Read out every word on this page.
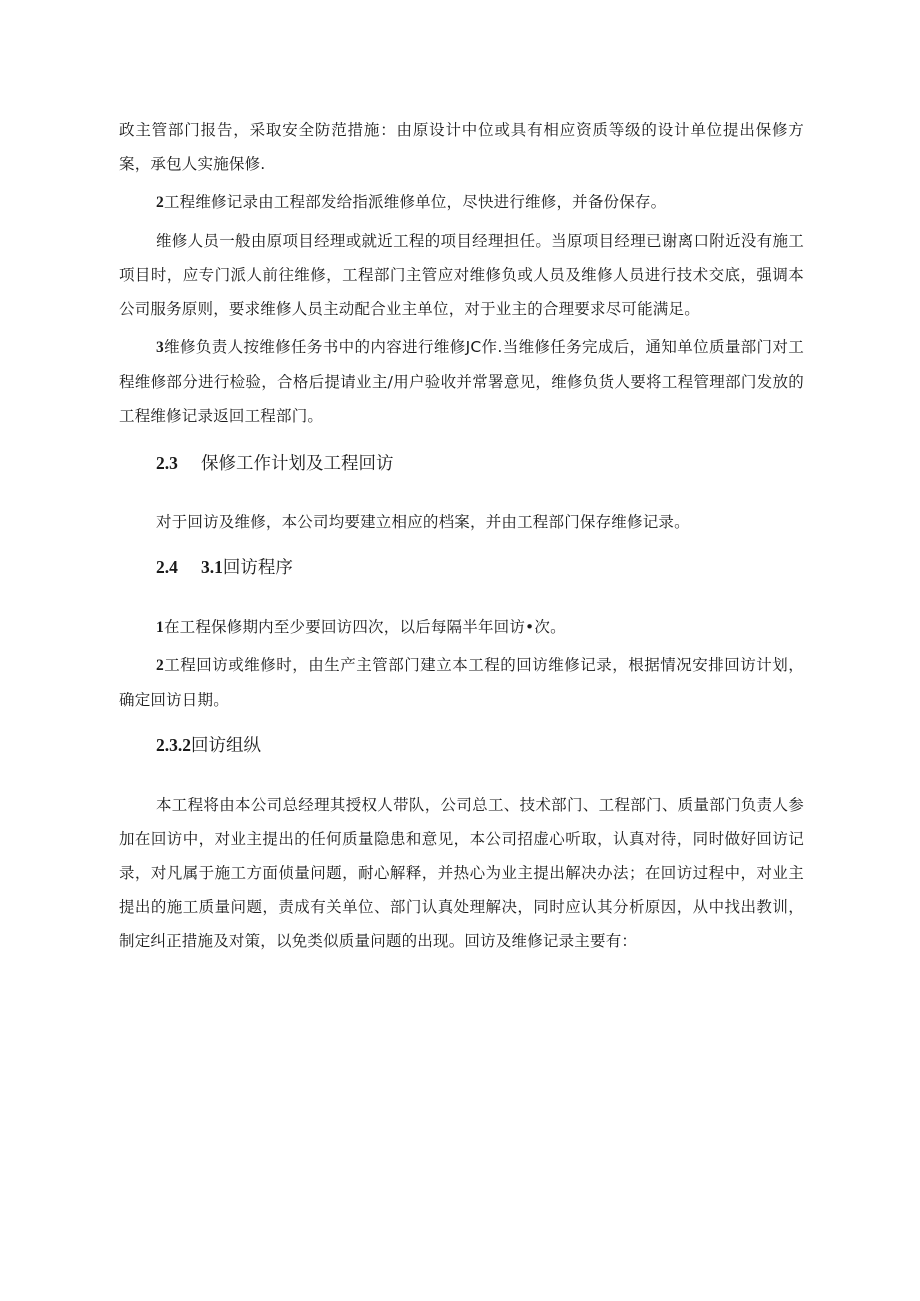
政主管部门报告，采取安全防范措施：由原设计中位或具有相应资质等级的设计单位提出保修方案，承包人实施保修.

2工程维修记录由工程部发给指派维修单位，尽快进行维修，并备份保存。

维修人员一般由原项目经理或就近工程的项目经理担任。当原项目经理已谢离口附近没有施工项目时，应专门派人前往维修，工程部门主管应对维修负或人员及维修人员进行技术交底，强调本公司服务原则，要求维修人员主动配合业主单位，对于业主的合理要求尽可能满足。

3维修负责人按维修任务书中的内容进行维修JC作.当维修任务完成后，通知单位质量部门对工程维修部分进行检验，合格后提请业主/用户验收并常署意见，维修负货人要将工程管理部门发放的工程维修记录返回工程部门。

2.3 保修工作计划及工程回访

对于回访及维修，本公司均要建立相应的档案，并由工程部门保存维修记录。

2.4 3.1回访程序

1在工程保修期内至少要回访四次，以后每隔半年回访•次。

2工程回访或维修时，由生产主管部门建立本工程的回访维修记录，根据情况安排回访计划，确定回访日期。

2.3.2回访组纵

本工程将由本公司总经理其授权人带队，公司总工、技术部门、工程部门、质量部门负责人参加在回访中，对业主提出的任何质量隐患和意见，本公司招虚心听取，认真对待，同时做好回访记录，对凡属于施工方面侦量问题，耐心解释，并热心为业主提出解决办法；在回访过程中，对业主提出的施工质量问题，责成有关单位、部门认真处理解决，同时应认其分析原因，从中找出教训，制定纠正措施及对策，以免类似质量问题的出现。回访及维修记录主要有：
